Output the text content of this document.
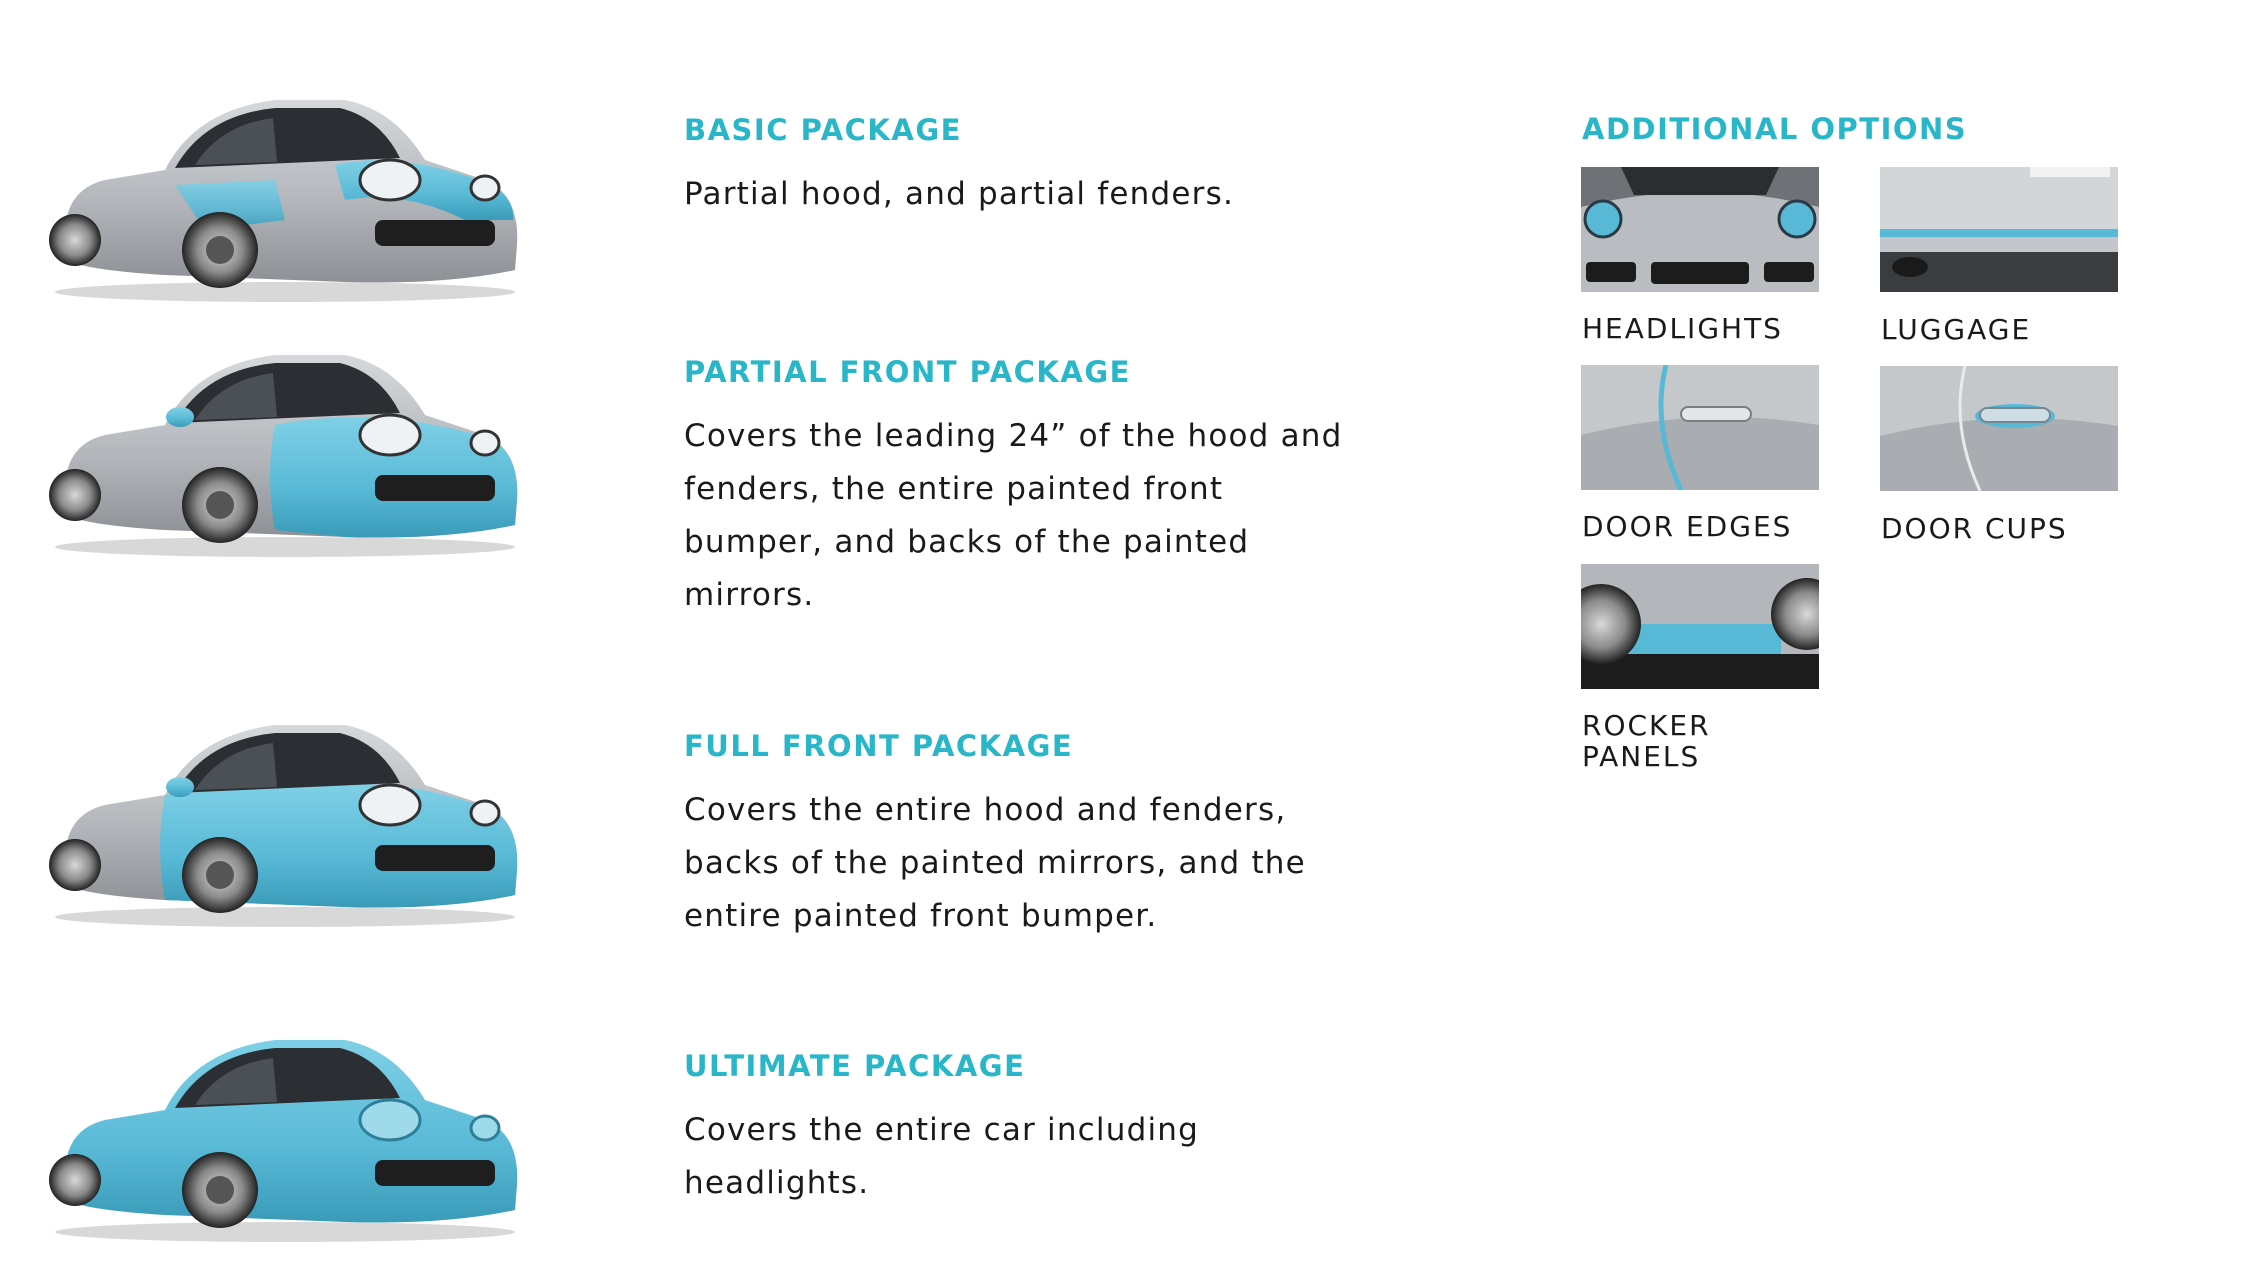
BASIC PACKAGE

Partial hood, and partial fenders.

PARTIAL FRONT PACKAGE

Covers the leading 24” of the hood and fenders, the entire painted front bumper, and backs of the painted mirrors.

FULL FRONT PACKAGE

Covers the entire hood and fenders, backs of the painted mirrors, and the entire painted front bumper.

ULTIMATE PACKAGE

Covers the entire car including headlights.

ADDITIONAL OPTIONS

HEADLIGHTS	LUGGAGE

DOOR EDGES	DOOR CUPS

ROCKER PANELS
